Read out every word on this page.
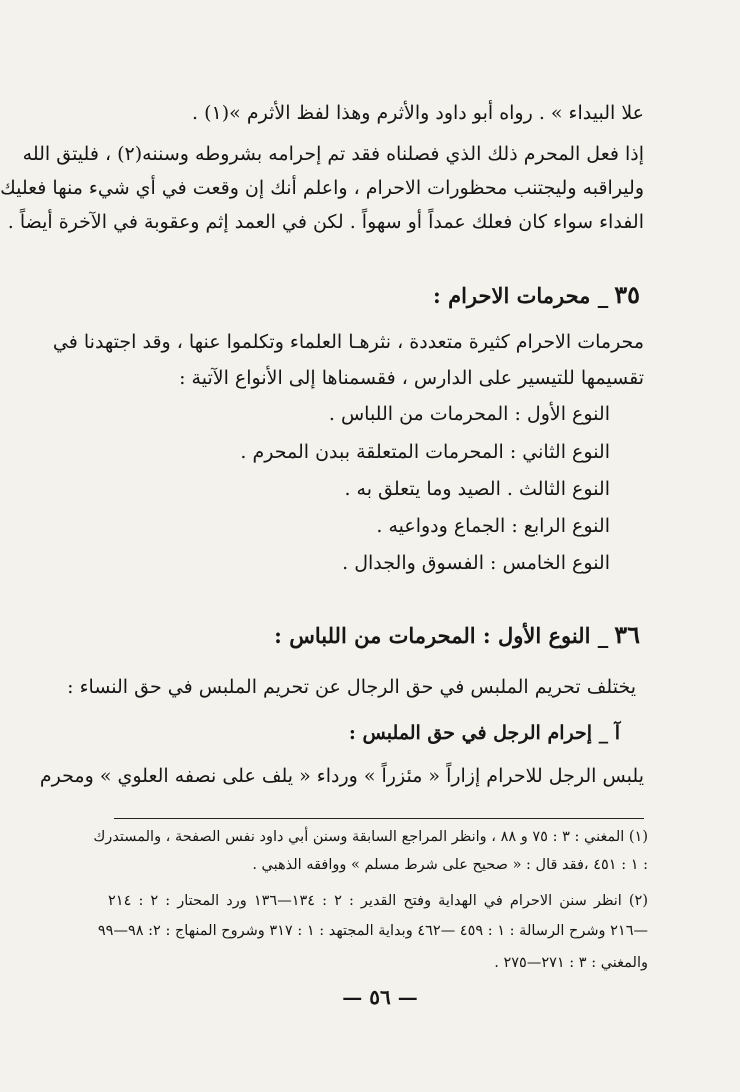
علا البيداء » . رواه أبو داود والأثرم وهذا لفظ الأثرم »(١) .
إذا فعل المحرم ذلك الذي فصلناه فقد تم إحرامه بشروطه وسننه(٢) ، فليتق الله
وليراقبه وليجتنب محظورات الاحرام ، واعلم أنك إن وقعت في أي شيء منها فعليك
الفداء سواء كان فعلك عمداً أو سهواً . لكن في العمد إثم وعقوبة في الآخرة أيضاً .
٣٥_ محرمات الاحرام :
محرمات الاحرام كثيرة متعددة ، نثرهـا العلماء وتكلموا عنها ، وقد اجتهدنا في
تقسيمها للتيسير على الدارس ، فقسمناها إلى الأنواع الآتية :
النوع الأول : المحرمات من اللباس .
النوع الثاني : المحرمات المتعلقة ببدن المحرم .
النوع الثالث . الصيد وما يتعلق به .
النوع الرابع : الجماع ودواعيه .
النوع الخامس : الفسوق والجدال .
٣٦_ النوع الأول : المحرمات من اللباس :
يختلف تحريم الملبس في حق الرجال عن تحريم الملبس في حق النساء :
آ _ إحرام الرجل في حق الملبس :
يلبس الرجل للاحرام إزاراً « مئزراً » ورداء « يلف على نصفه العلوي » ومحرم
(١) المغني : ٣ : ٧٥ و ٨٨ ، وانظر المراجع السابقة وسنن أبي داود نفس الصفحة ، والمستدرك
: ١ : ٤٥١ ،فقد قال : « صحيح على شرط مسلم » ووافقه الذهبي .
(٢) انظر سنن الاحرام في الهداية وفتح القدير : ٢ : ١٣٤—١٣٦ ورد المحتار : ٢ : ٢١٤
—٢١٦ وشرح الرسالة : ١ : ٤٥٩ —٤٦٢ وبداية المجتهد : ١ : ٣١٧ وشروح المنهاج : ٢: ٩٨—٩٩
والمغني : ٣ : ٢٧١—٢٧٥ .
— ٥٦ —
